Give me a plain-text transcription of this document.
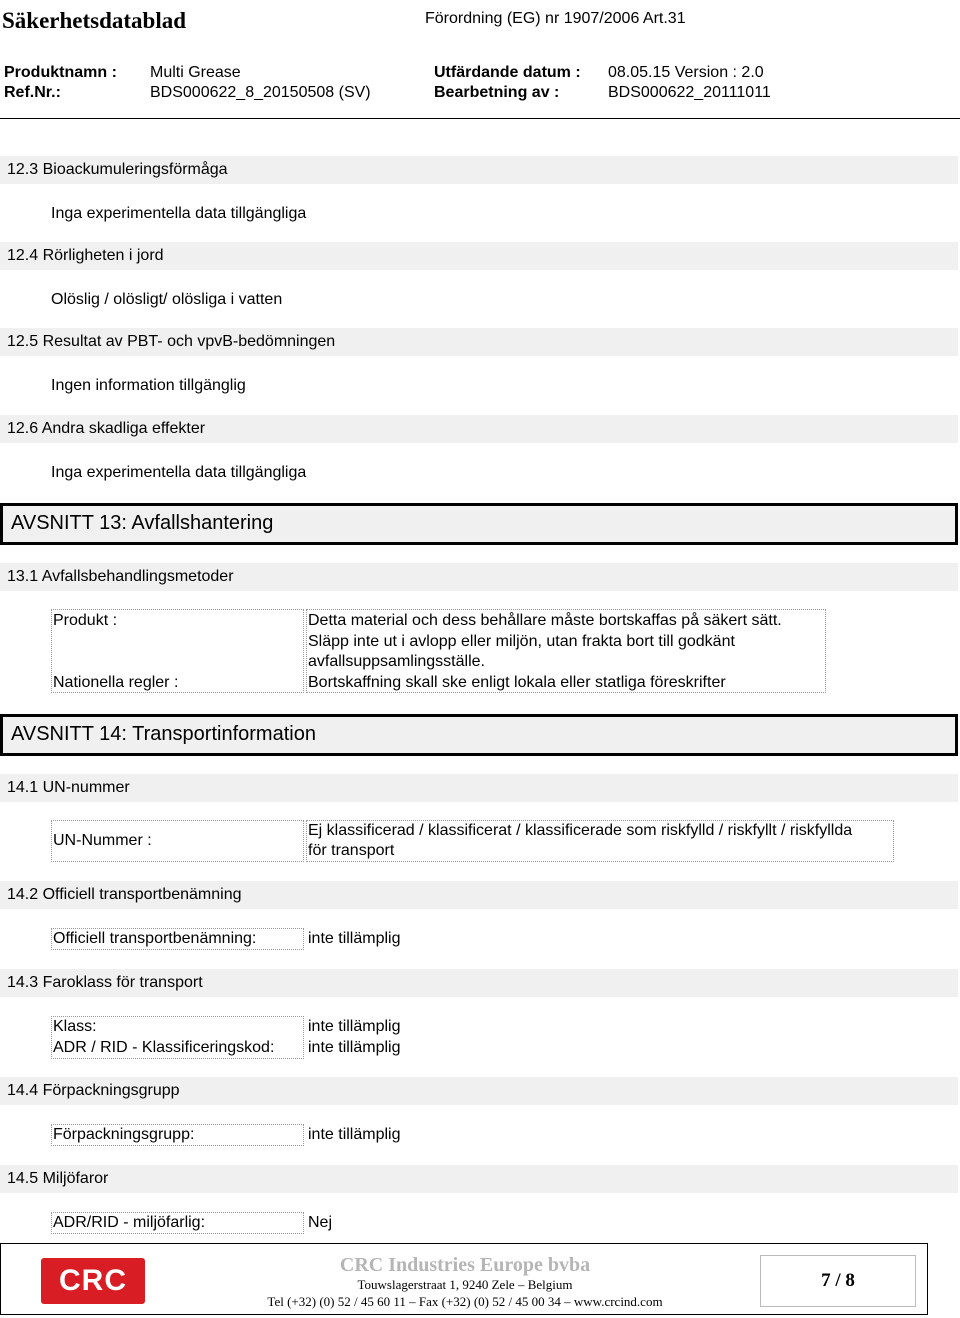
Säkerhetsdatablad	Förordning (EG) nr 1907/2006 Art.31
Produktnamn : Multi Grease	Utfärdande datum : 08.05.15 Version : 2.0
Ref.Nr.:	BDS000622_8_20150508 (SV)	Bearbetning av :	BDS000622_20111011
12.3 Bioackumuleringsförmåga
Inga experimentella data tillgängliga
12.4 Rörligheten i jord
Olöslig / olösligt/ olösliga i vatten
12.5 Resultat av PBT- och vpvB-bedömningen
Ingen information tillgänglig
12.6 Andra skadliga effekter
Inga experimentella data tillgängliga
AVSNITT 13: Avfallshantering
13.1 Avfallsbehandlingsmetoder
Produkt :	Detta material och dess behållare måste bortskaffas på säkert sätt.
Släpp inte ut i avlopp eller miljön, utan frakta bort till godkänt
avfallsuppsamlingsställe.
Nationella regler :	Bortskaffning skall ske enligt lokala eller statliga föreskrifter
AVSNITT 14: Transportinformation
14.1 UN-nummer
UN-Nummer :
Ej klassificerad / klassificerat / klassificerade som riskfylld / riskfyllt / riskfyllda
för transport
14.2 Officiell transportbenämning
Officiell transportbenämning:	inte tillämplig
14.3 Faroklass för transport
Klass:	inte tillämplig
ADR / RID - Klassificeringskod: inte tillämplig
14.4 Förpackningsgrupp
Förpackningsgrupp:	inte tillämplig
14.5 Miljöfaror
ADR/RID - miljöfarlig:	Nej
CRC	CRC Industries Europe bvba
Touwslagerstraat 1, 9240 Zele – Belgium
Tel (+32) (0) 52 / 45 60 11 – Fax (+32) (0) 52 / 45 00 34 – www.crcind.com
7 / 8
